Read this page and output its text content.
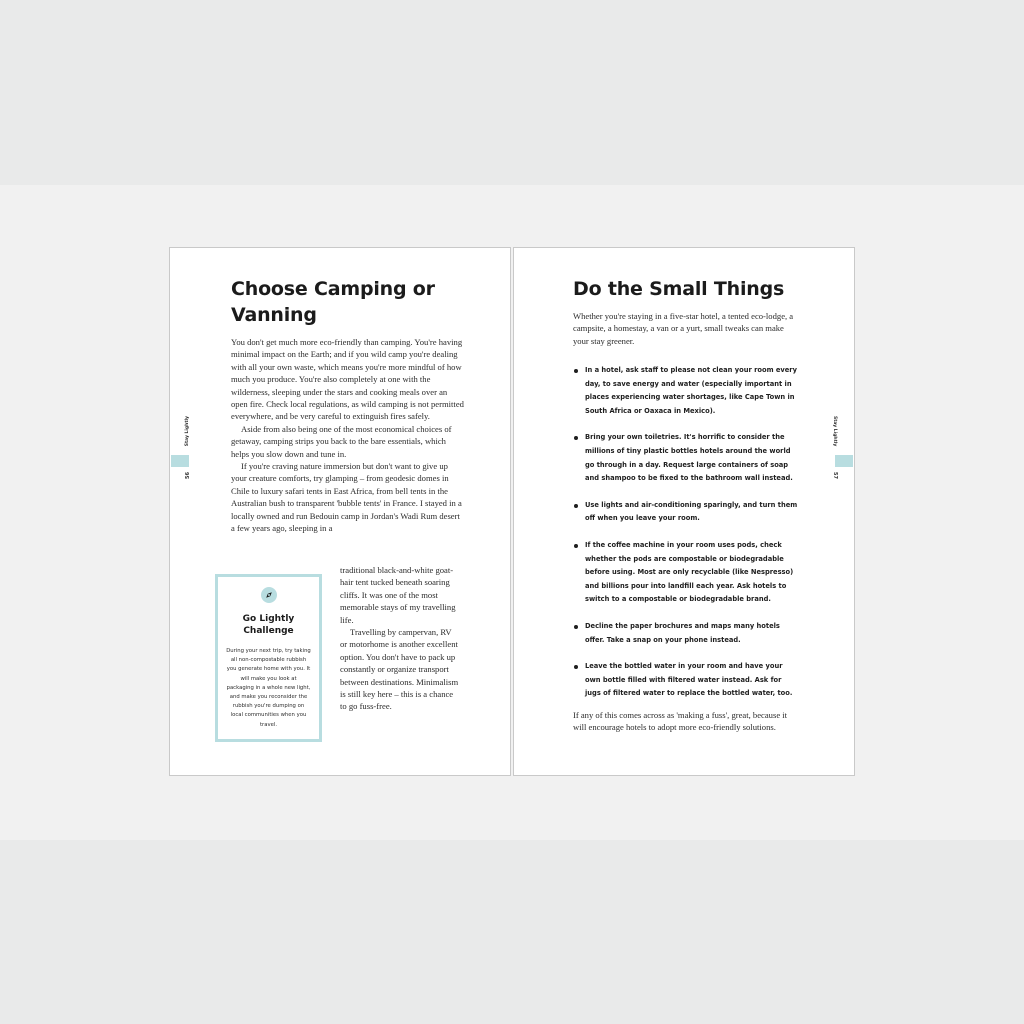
Stay Lightly
56
Choose Camping or Vanning

You don't get much more eco-friendly than camping. You're having minimal impact on the Earth; and if you wild camp you're dealing with all your own waste, which means you're more mindful of how much you produce. You're also completely at one with the wilderness, sleeping under the stars and cooking meals over an open fire. Check local regulations, as wild camping is not permitted everywhere, and be very careful to extinguish fires safely.

Aside from also being one of the most economical choices of getaway, camping strips you back to the bare essentials, which helps you slow down and tune in.

If you're craving nature immersion but don't want to give up your creature comforts, try glamping – from geodesic domes in Chile to luxury safari tents in East Africa, from bell tents in the Australian bush to transparent 'bubble tents' in France. I stayed in a locally owned and run Bedouin camp in Jordan's Wadi Rum desert a few years ago, sleeping in a

traditional black-and-white goat-hair tent tucked beneath soaring cliffs. It was one of the most memorable stays of my travelling life.

Travelling by campervan, RV or motorhome is another excellent option. You don't have to pack up constantly or organize transport between destinations. Minimalism is still key here – this is a chance to go fuss-free.

Go Lightly Challenge
During your next trip, try taking all non-compostable rubbish you generate home with you. It will make you look at packaging in a whole new light, and make you reconsider the rubbish you're dumping on local communities when you travel.
Stay Lightly
57
Do the Small Things
Whether you're staying in a five-star hotel, a tented eco-lodge, a campsite, a homestay, a van or a yurt, small tweaks can make your stay greener.
In a hotel, ask staff to please not clean your room every day, to save energy and water (especially important in places experiencing water shortages, like Cape Town in South Africa or Oaxaca in Mexico).
Bring your own toiletries. It's horrific to consider the millions of tiny plastic bottles hotels around the world go through in a day. Request large containers of soap and shampoo to be fixed to the bathroom wall instead.
Use lights and air-conditioning sparingly, and turn them off when you leave your room.
If the coffee machine in your room uses pods, check whether the pods are compostable or biodegradable before using. Most are only recyclable (like Nespresso) and billions pour into landfill each year. Ask hotels to switch to a compostable or biodegradable brand.
Decline the paper brochures and maps many hotels offer. Take a snap on your phone instead.
Leave the bottled water in your room and have your own bottle filled with filtered water instead. Ask for jugs of filtered water to replace the bottled water, too.
If any of this comes across as 'making a fuss', great, because it will encourage hotels to adopt more eco-friendly solutions.
